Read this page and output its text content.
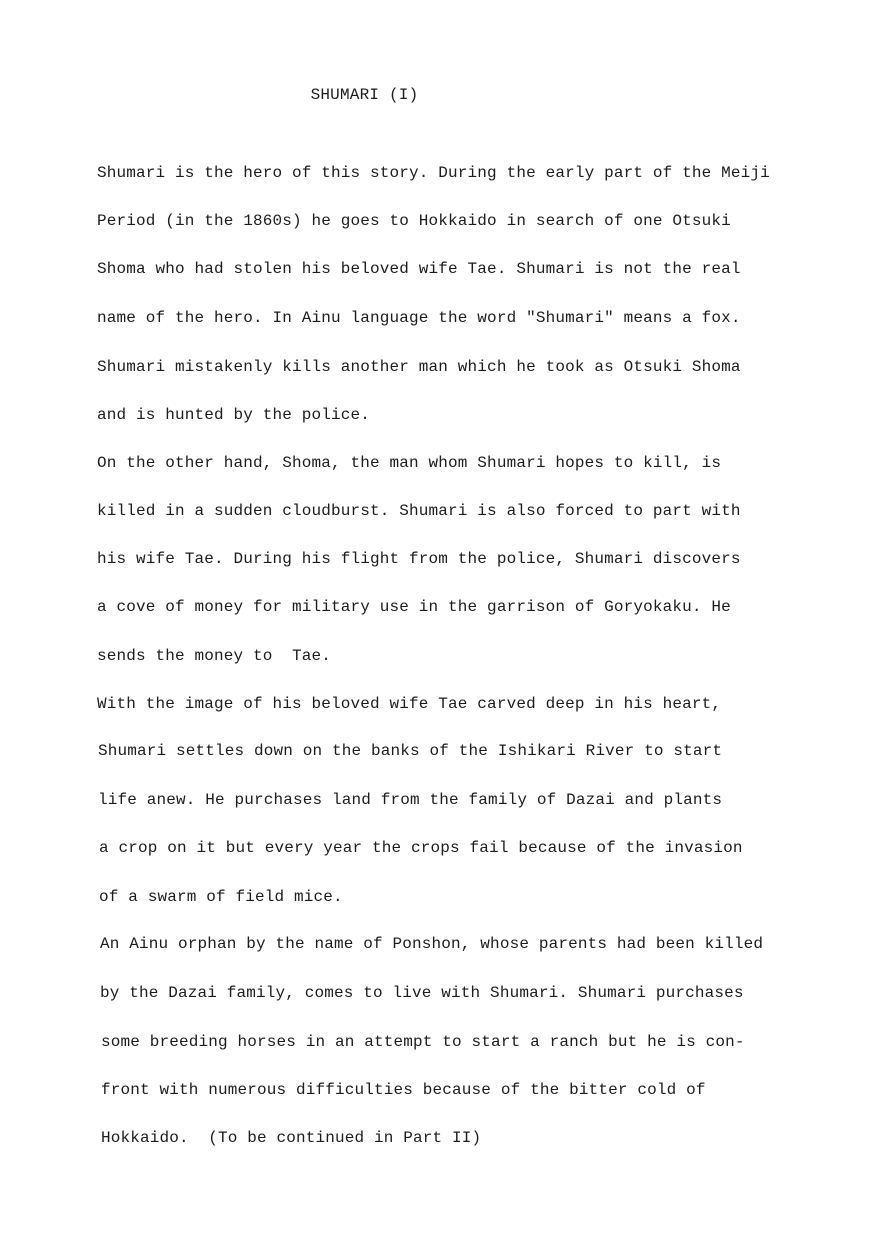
SHUMARI (I)
Shumari is the hero of this story. During the early part of the Meiji
Period (in the 1860s) he goes to Hokkaido in search of one Otsuki
Shoma who had stolen his beloved wife Tae. Shumari is not the real
name of the hero. In Ainu language the word "Shumari" means a fox.
Shumari mistakenly kills another man which he took as Otsuki Shoma
and is hunted by the police.
On the other hand, Shoma, the man whom Shumari hopes to kill, is
killed in a sudden cloudburst. Shumari is also forced to part with
his wife Tae. During his flight from the police, Shumari discovers
a cove of money for military use in the garrison of Goryokaku. He
sends the money to  Tae.
With the image of his beloved wife Tae carved deep in his heart,
Shumari settles down on the banks of the Ishikari River to start
life anew. He purchases land from the family of Dazai and plants
a crop on it but every year the crops fail because of the invasion
of a swarm of field mice.
An Ainu orphan by the name of Ponshon, whose parents had been killed
by the Dazai family, comes to live with Shumari. Shumari purchases
some breeding horses in an attempt to start a ranch but he is con-
front with numerous difficulties because of the bitter cold of
Hokkaido.  (To be continued in Part II)
